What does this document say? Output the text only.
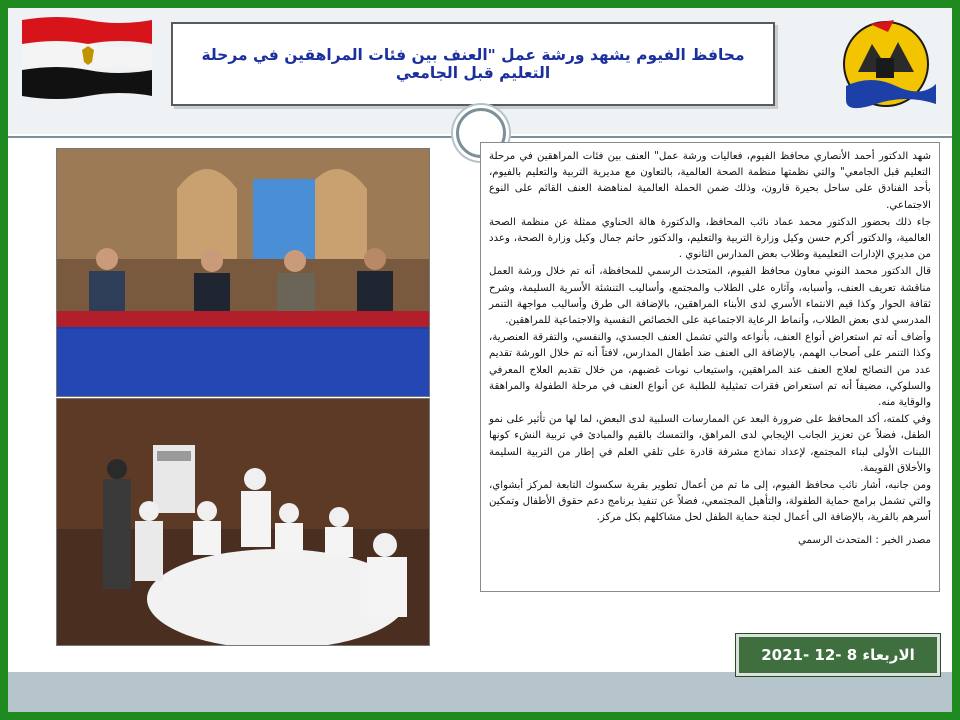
محافظ الفيوم يشهد ورشة عمل "العنف بين فئات المراهقين في مرحلة التعليم قبل الجامعي

شهد الدكتور أحمد الأنصاري محافظ الفيوم، فعاليات ورشة عمل" العنف بين فئات المراهقين في مرحلة التعليم قبل الجامعي" والتي نظمتها منظمة الصحة العالمية، بالتعاون مع مديرية التربية والتعليم بالفيوم، بأحد الفنادق على ساحل بحيرة قارون، وذلك ضمن الحملة العالمية لمناهضة العنف القائم على النوع الاجتماعي.

جاء ذلك بحضور الدكتور محمد عماد نائب المحافظ، والدكتورة هالة الحناوي ممثلة عن منظمة الصحة العالمية، والدكتور أكرم حسن وكيل وزارة التربية والتعليم، والدكتور حاتم جمال وكيل وزارة الصحة، وعدد من مديري الإدارات التعليمية وطلاب بعض المدارس الثانوي .

قال الدكتور محمد النوني معاون محافظ الفيوم، المتحدث الرسمي للمحافظة، أنه تم خلال ورشة العمل مناقشة تعريف العنف، وأسبابه، وآثاره على الطلاب والمجتمع، وأساليب التنشئة الأسرية السليمة، وشرح ثقافة الحوار وكذا قيم الانتماء الأسري لدى الأبناء المراهقين، بالإضافة الى طرق وأساليب مواجهة التنمر المدرسي لدى بعض الطلاب، وأنماط الرعاية الاجتماعية على الخصائص النفسية والاجتماعية للمراهقين.

وأضاف أنه تم استعراض أنواع العنف، بأنواعه والتي تشمل العنف الجسدي، والنفسي، والتفرقة العنصرية، وكذا التنمر على أصحاب الهمم، بالإضافة الى العنف ضد أطفال المدارس، لافتاً أنه تم خلال الورشة تقديم عدد من النصائح لعلاج العنف عند المراهقين، واستيعاب نوبات غضبهم، من خلال تقديم العلاج المعرفي والسلوكي، مضيفاً أنه تم استعراض فقرات تمثيلية للطلبة عن أنواع العنف في مرحلة الطفولة والمراهقة والوقاية منه.

وفي كلمته، أكد المحافظ على ضرورة البعد عن الممارسات السلبية لدى البعض، لما لها من تأثير على نمو الطفل، فضلاً عن تعزيز الجانب الإيجابي لدى المراهق، والتمسك بالقيم والمبادئ في تربية النشء كونها اللبنات الأولى لبناء المجتمع، لإعداد نماذج مشرفة قادرة على تلقي العلم في إطار من التربية السليمة والأخلاق القويمة.

ومن جانبه، أشار نائب محافظ الفيوم، إلى ما تم من أعمال تطوير بقرية سكسوك التابعة لمركز أبشواي، والتي تشمل برامج حماية الطفولة، والتأهيل المجتمعي، فضلاً عن تنفيذ برنامج دعم حقوق الأطفال وتمكين أسرهم بالقرية، بالإضافة الى أعمال لجنة حماية الطفل لحل مشاكلهم بكل مركز.

مصدر الخبر : المتحدث الرسمي
الاربعاء 8 -12 -2021
